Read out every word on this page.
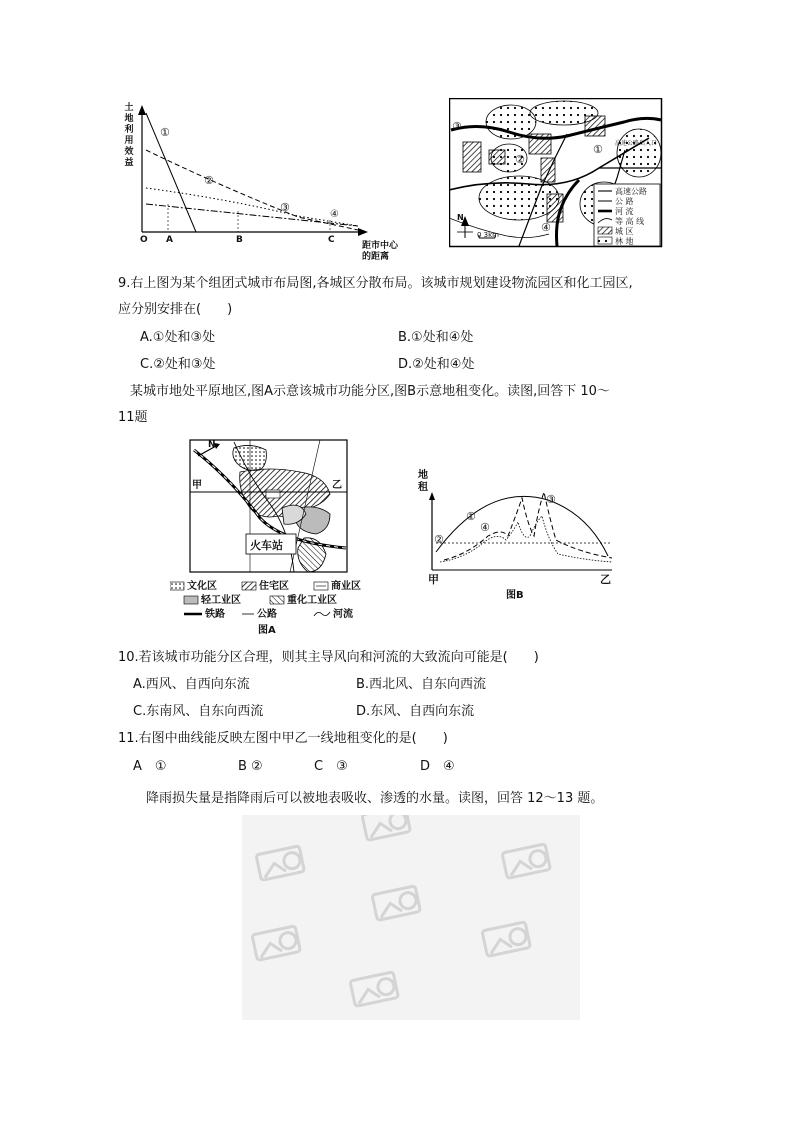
土
地
利
用
效
益
①
②
③
④
O A	B	C
距市中心
的距离
③
②
①
④
高速公路出入口
N
0 3km
高速公路
公 路
河 流
等 高 线
城 区
林 地
9.右上图为某个组团式城市布局图,各城区分散布局。该城市规划建设物流园区和化工园区,
应分别安排在(　　)
A.①处和③处	B.①处和④处
C.②处和③处	D.②处和④处
某城市地处平原地区,图A示意该城市功能分区,图B示意地租变化。读图,回答下 10～
11题
N
甲	乙
火车站
文化区	住宅区	商业区
轻工业区	重化工业区
铁路	公路	河流
图A
地
租
①
②
③
④
甲	乙
图B
10.若该城市功能分区合理，则其主导风向和河流的大致流向可能是(　　)
A.西风、自西向东流	B.西北风、自东向西流
C.东南风、自东向西流	D.东风、自西向东流
11.右图中曲线能反映左图中甲乙一线地租变化的是(　　)
A　①	B ②	C　③	D　④
降雨损失量是指降雨后可以被地表吸收、渗透的水量。读图，回答 12～13 题。
